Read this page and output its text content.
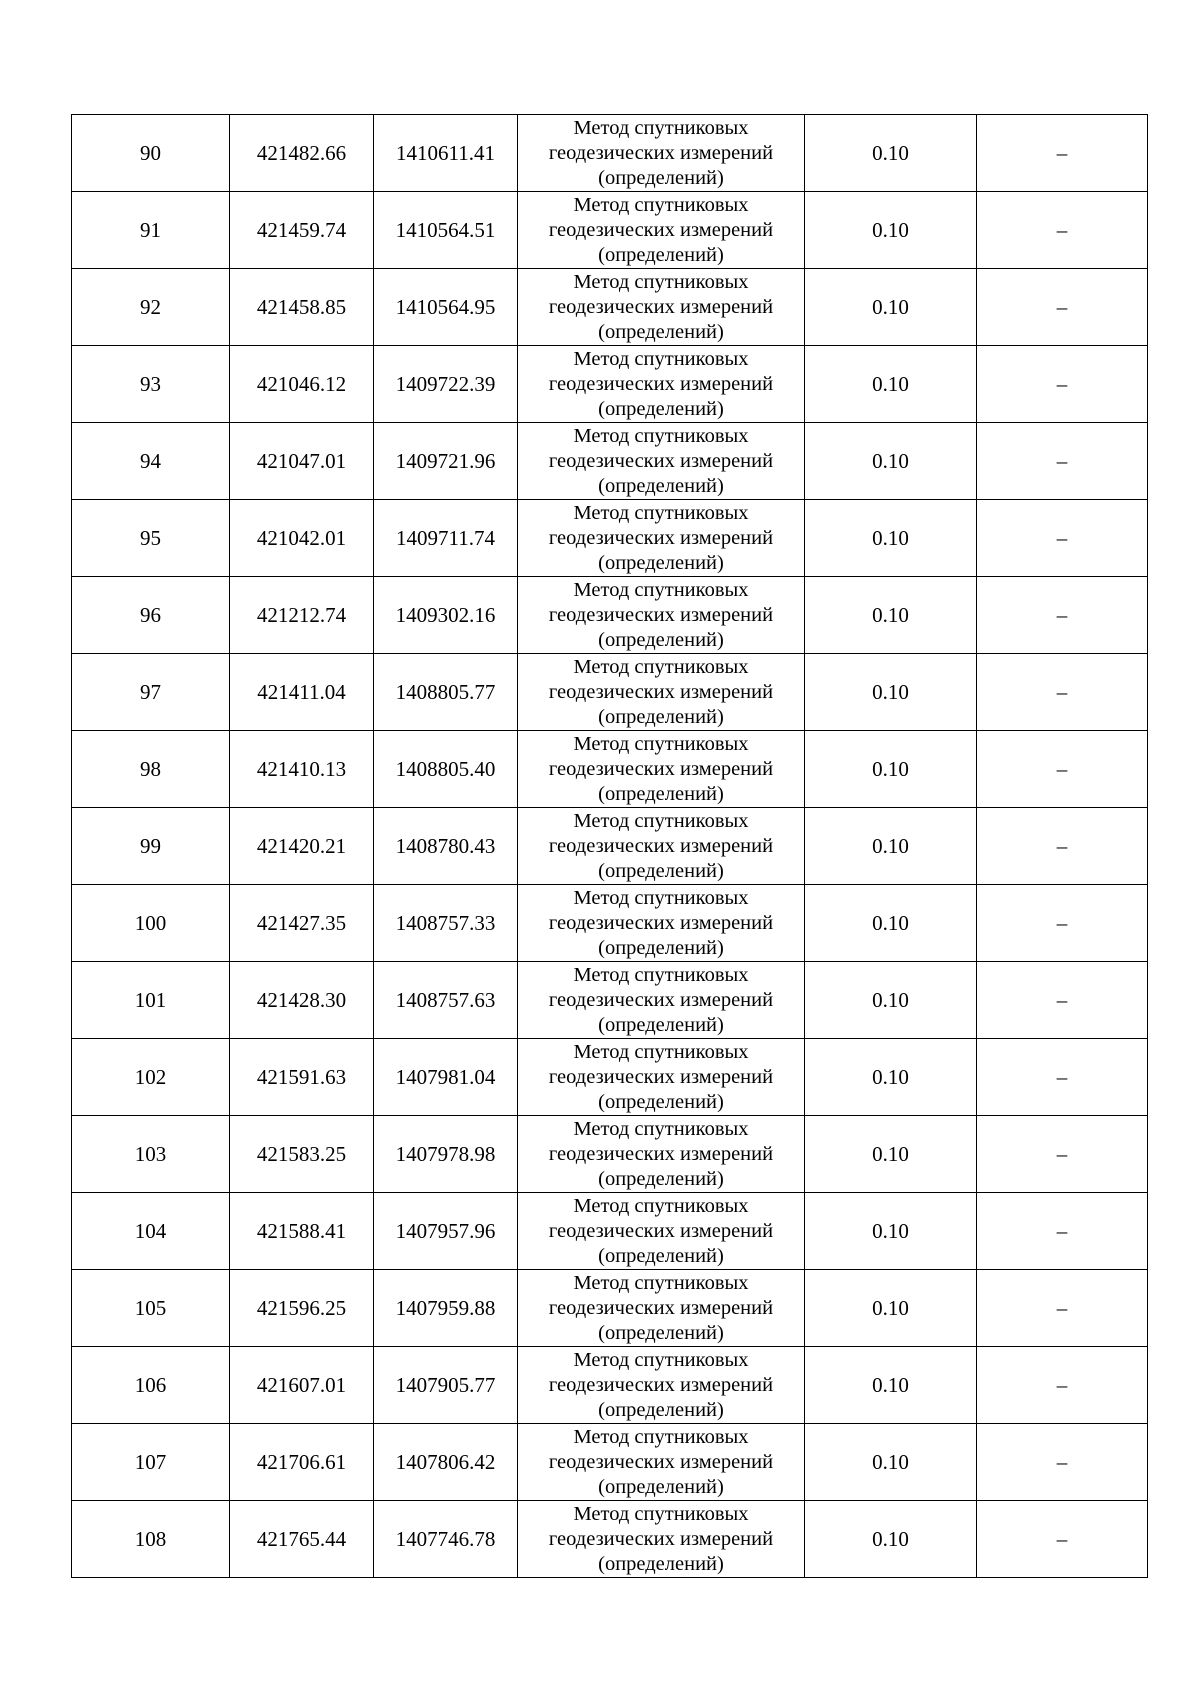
90	421482.66	1410611.41	Метод спутниковых геодезических измерений (определений)	0.10	–
91	421459.74	1410564.51	Метод спутниковых геодезических измерений (определений)	0.10	–
92	421458.85	1410564.95	Метод спутниковых геодезических измерений (определений)	0.10	–
93	421046.12	1409722.39	Метод спутниковых геодезических измерений (определений)	0.10	–
94	421047.01	1409721.96	Метод спутниковых геодезических измерений (определений)	0.10	–
95	421042.01	1409711.74	Метод спутниковых геодезических измерений (определений)	0.10	–
96	421212.74	1409302.16	Метод спутниковых геодезических измерений (определений)	0.10	–
97	421411.04	1408805.77	Метод спутниковых геодезических измерений (определений)	0.10	–
98	421410.13	1408805.40	Метод спутниковых геодезических измерений (определений)	0.10	–
99	421420.21	1408780.43	Метод спутниковых геодезических измерений (определений)	0.10	–
100	421427.35	1408757.33	Метод спутниковых геодезических измерений (определений)	0.10	–
101	421428.30	1408757.63	Метод спутниковых геодезических измерений (определений)	0.10	–
102	421591.63	1407981.04	Метод спутниковых геодезических измерений (определений)	0.10	–
103	421583.25	1407978.98	Метод спутниковых геодезических измерений (определений)	0.10	–
104	421588.41	1407957.96	Метод спутниковых геодезических измерений (определений)	0.10	–
105	421596.25	1407959.88	Метод спутниковых геодезических измерений (определений)	0.10	–
106	421607.01	1407905.77	Метод спутниковых геодезических измерений (определений)	0.10	–
107	421706.61	1407806.42	Метод спутниковых геодезических измерений (определений)	0.10	–
108	421765.44	1407746.78	Метод спутниковых геодезических измерений (определений)	0.10	–
